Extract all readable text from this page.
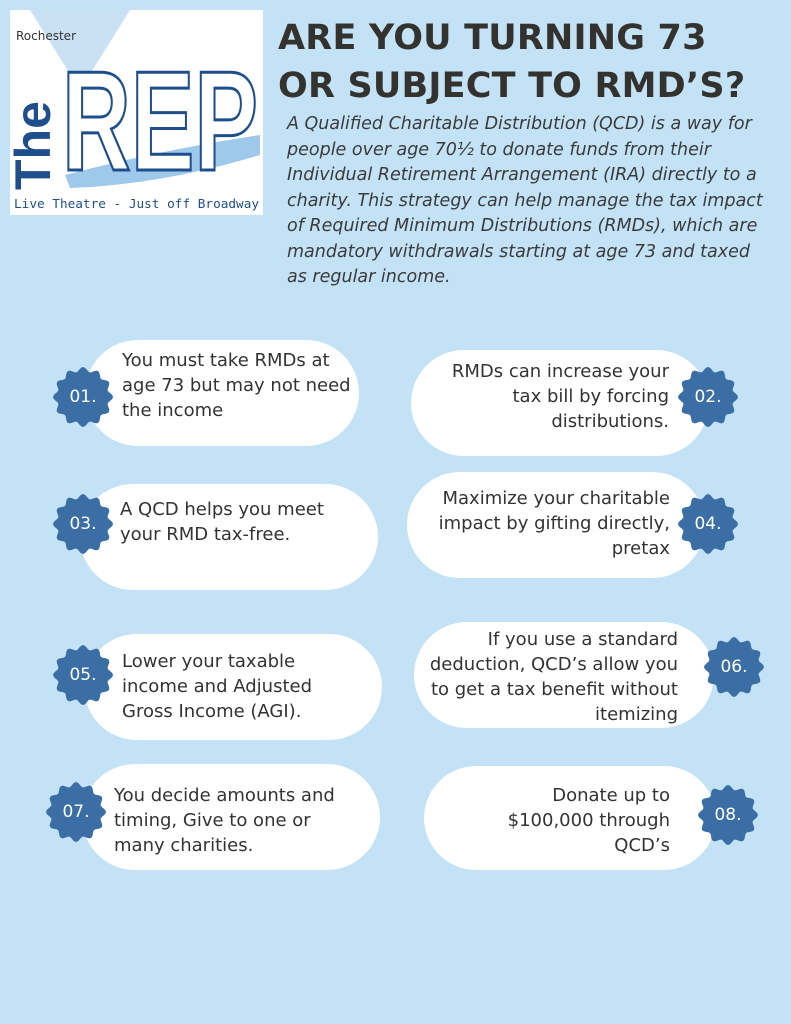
The
Rochester
REP
Live Theatre - Just off Broadway
ARE YOU TURNING 73
OR SUBJECT TO RMD’S?

A Qualified Charitable Distribution (QCD) is a way for people over age 70½ to donate funds from their Individual Retirement Arrangement (IRA) directly to a charity. This strategy can help manage the tax impact of Required Minimum Distributions (RMDs), which are mandatory withdrawals starting at age 73 and taxed as regular income.

You must take RMDs at age 73 but may not need the income
01.
RMDs can increase your tax bill by forcing distributions.
02.
A QCD helps you meet your RMD tax-free.
03.
Maximize your charitable impact by gifting directly, pretax
04.
Lower your taxable income and Adjusted Gross Income (AGI).
05.
If you use a standard deduction, QCD’s allow you to get a tax benefit without itemizing
06.
You decide amounts and timing, Give to one or many charities.
07.
Donate up to $100,000 through QCD’s
08.
